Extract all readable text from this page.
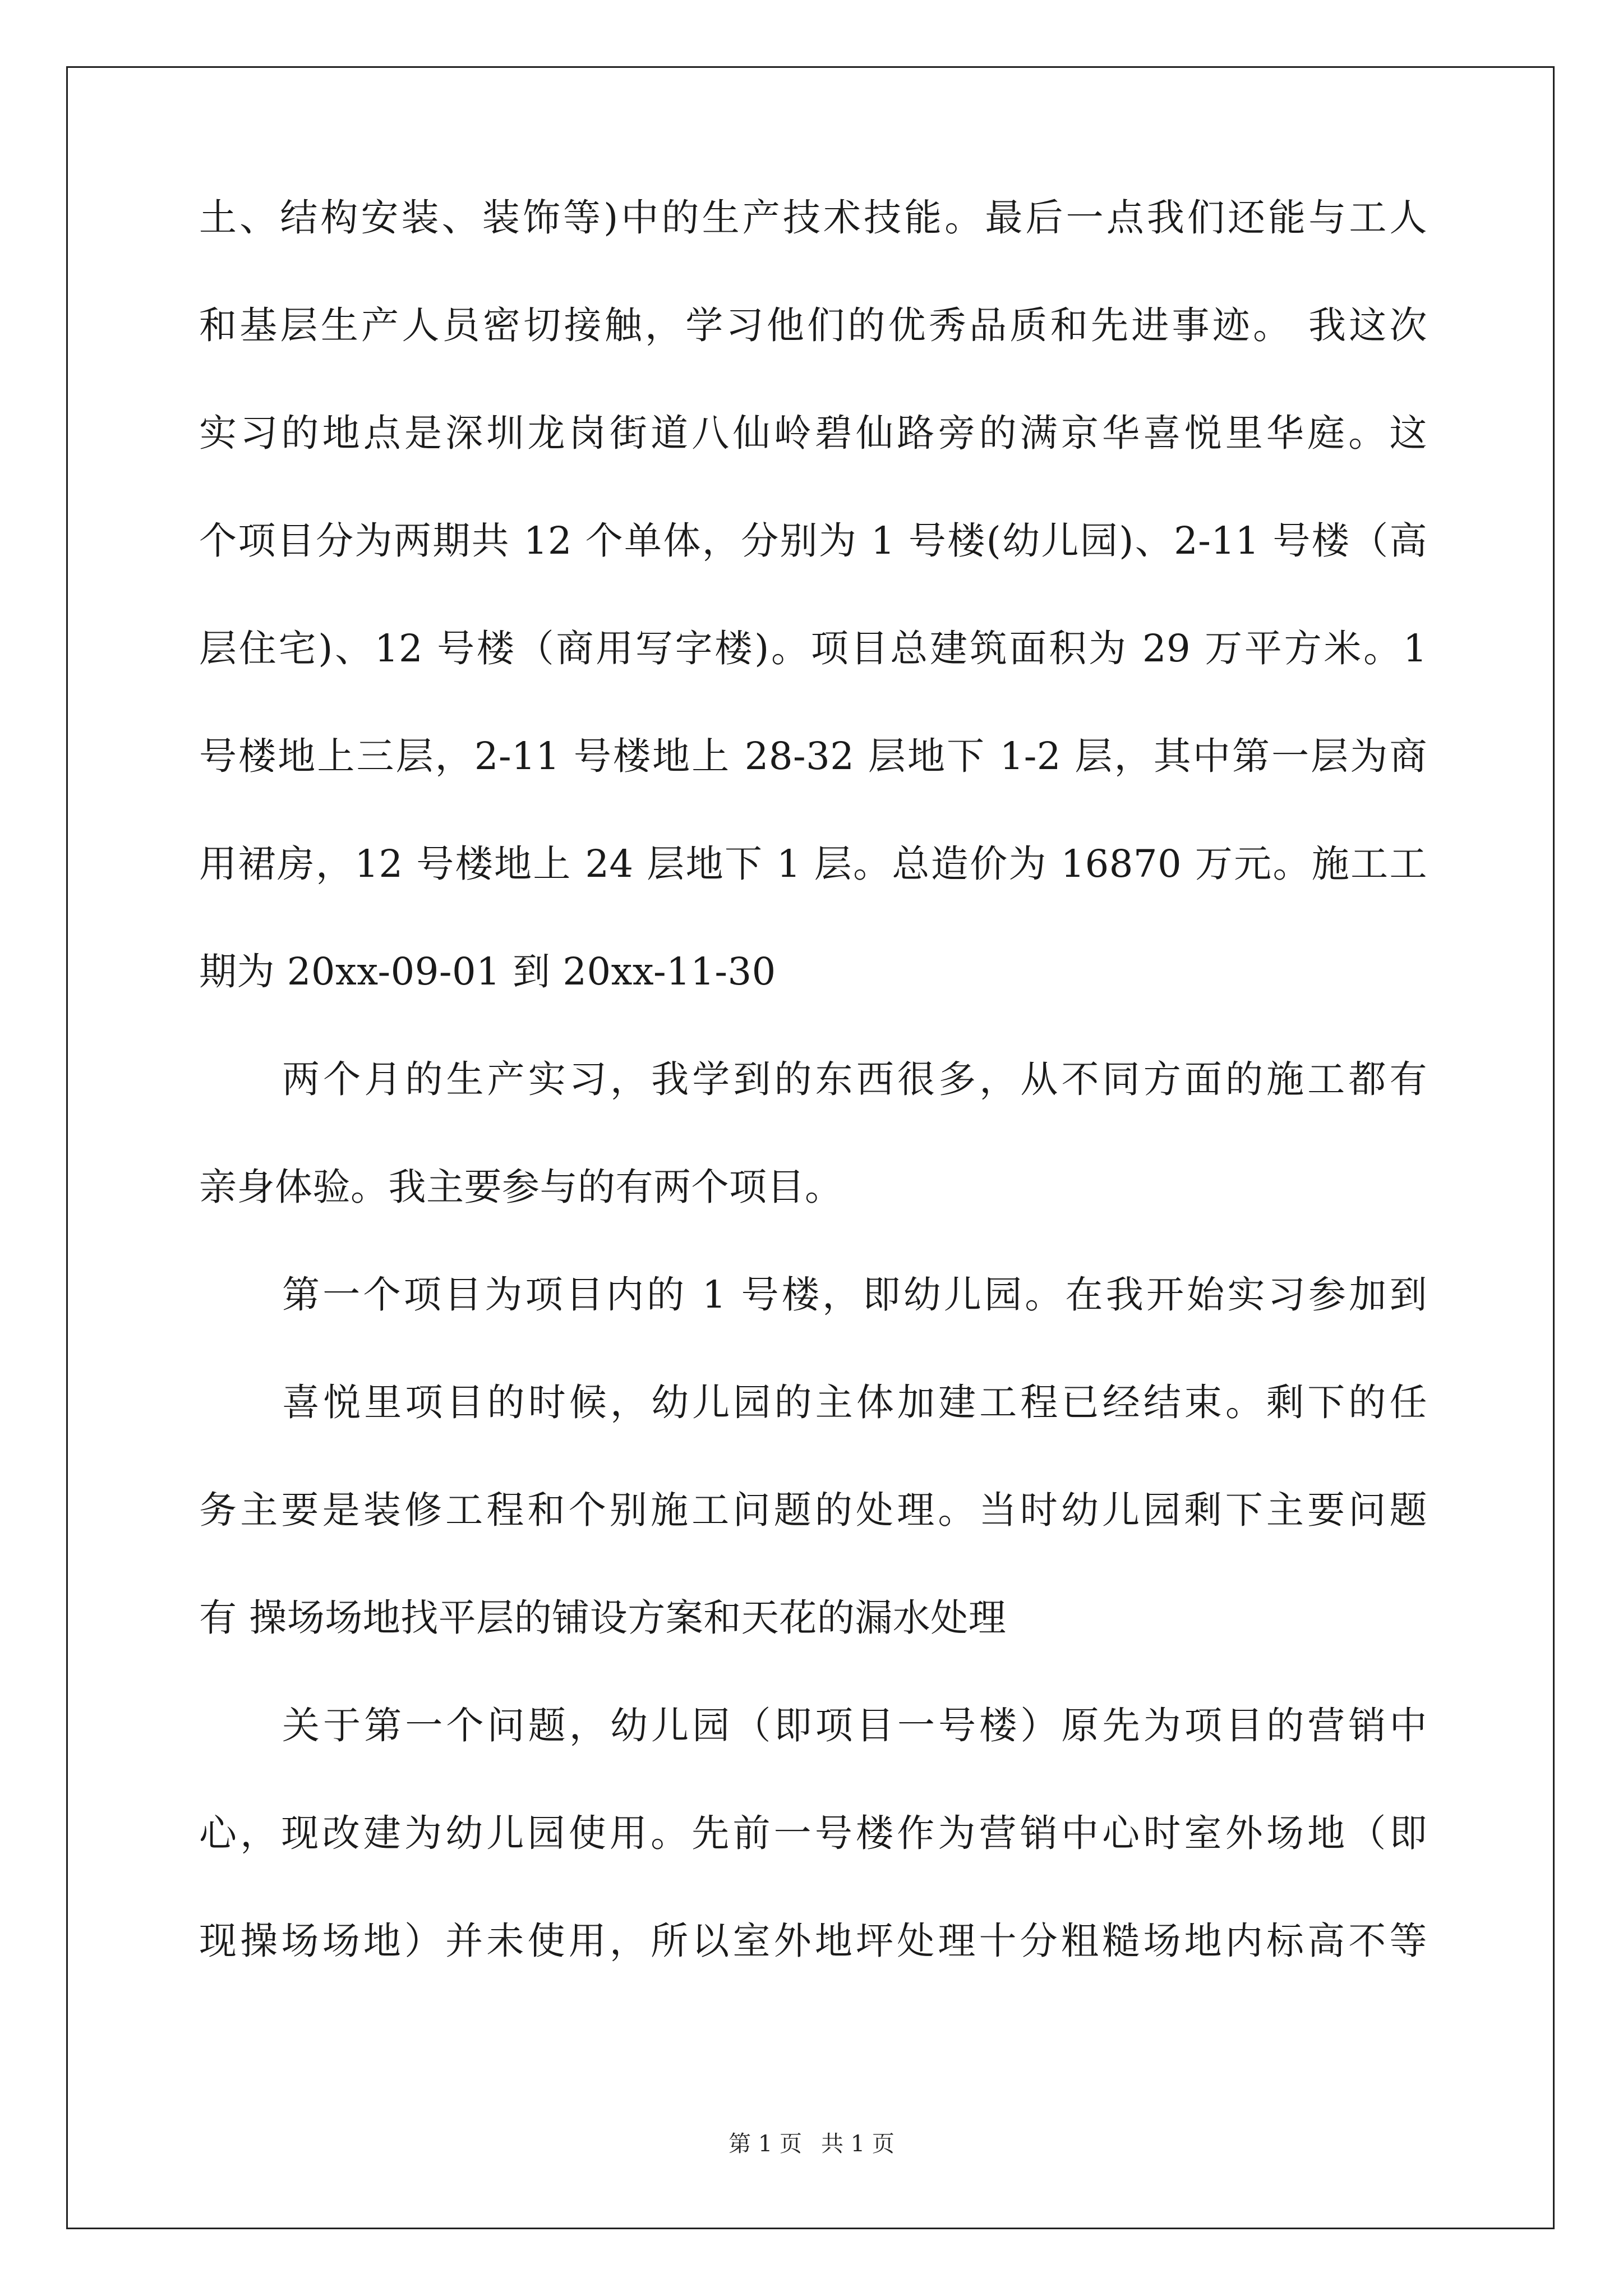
土、结构安装、装饰等)中的生产技术技能。最后一点我们还能与工人
和基层生产人员密切接触，学习他们的优秀品质和先进事迹。 我这次
实习的地点是深圳龙岗街道八仙岭碧仙路旁的满京华喜悦里华庭。这
个项目分为两期共 12 个单体，分别为 1 号楼(幼儿园)、2-11 号楼（高
层住宅)、12 号楼（商用写字楼)。项目总建筑面积为 29 万平方米。1
号楼地上三层，2-11 号楼地上 28-32 层地下 1-2 层，其中第一层为商
用裙房，12 号楼地上 24 层地下 1 层。总造价为 16870 万元。施工工
期为 20xx-09-01 到 20xx-11-30
两个月的生产实习，我学到的东西很多，从不同方面的施工都有
亲身体验。我主要参与的有两个项目。
第一个项目为项目内的 1 号楼，即幼儿园。在我开始实习参加到
喜悦里项目的时候，幼儿园的主体加建工程已经结束。剩下的任
务主要是装修工程和个别施工问题的处理。当时幼儿园剩下主要问题
有 操场场地找平层的铺设方案和天花的漏水处理
关于第一个问题，幼儿园（即项目一号楼）原先为项目的营销中
心，现改建为幼儿园使用。先前一号楼作为营销中心时室外场地（即
现操场场地）并未使用，所以室外地坪处理十分粗糙场地内标高不等
第 1 页 共 1 页
